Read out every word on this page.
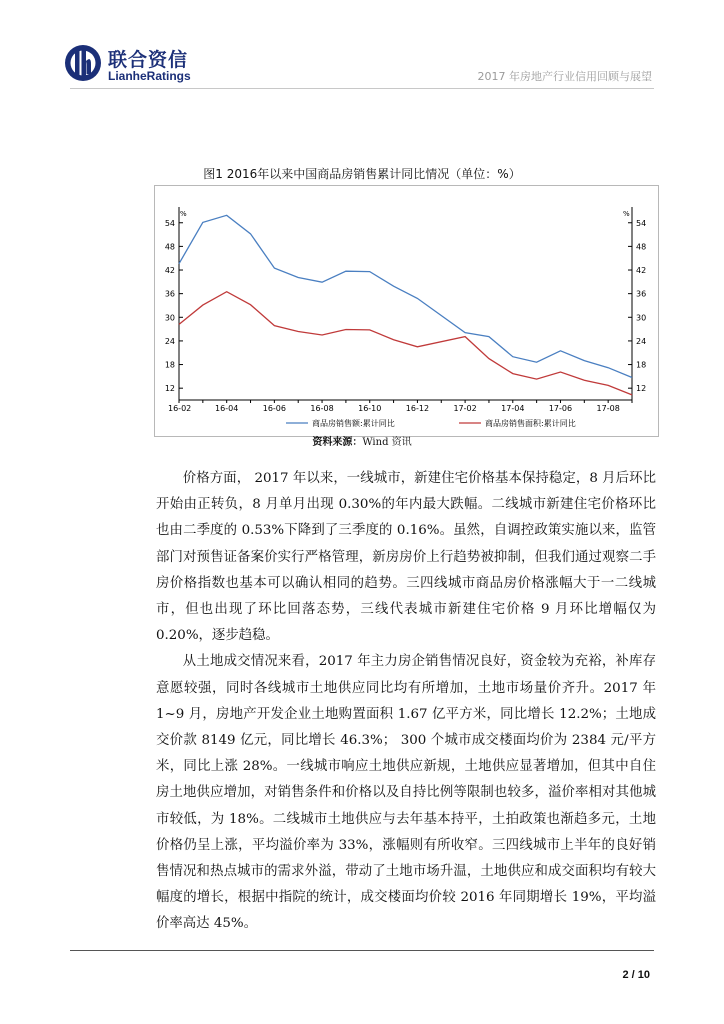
联合资信
LianheRatings	2017 年房地产行业信用回顾与展望
图1 2016年以来中国商品房销售累计同比情况（单位：%）
%	%
12	12
18	18
24	24
30	30
36	36
42	42
48	48
54	54
16-02	16-04	16-06	16-08	16-10	16-12	17-02	17-04	17-06	17-08
商品房销售额:累计同比	商品房销售面积:累计同比
资料来源：Wind 资讯

价格方面， 2017 年以来，一线城市，新建住宅价格基本保持稳定，8 月后环比开始由正转负，8 月单月出现 0.30%的年内最大跌幅。二线城市新建住宅价格环比也由二季度的 0.53%下降到了三季度的 0.16%。虽然，自调控政策实施以来，监管部门对预售证备案价实行严格管理，新房房价上行趋势被抑制，但我们通过观察二手房价格指数也基本可以确认相同的趋势。三四线城市商品房价格涨幅大于一二线城市，但也出现了环比回落态势，三线代表城市新建住宅价格 9 月环比增幅仅为 0.20%，逐步趋稳。

从土地成交情况来看，2017 年主力房企销售情况良好，资金较为充裕，补库存意愿较强，同时各线城市土地供应同比均有所增加，土地市场量价齐升。2017 年 1~9 月，房地产开发企业土地购置面积 1.67 亿平方米，同比增长 12.2%；土地成交价款 8149 亿元，同比增长 46.3%； 300 个城市成交楼面均价为 2384 元/平方米，同比上涨 28%。一线城市响应土地供应新规，土地供应显著增加，但其中自住房土地供应增加，对销售条件和价格以及自持比例等限制也较多，溢价率相对其他城市较低，为 18%。二线城市土地供应与去年基本持平，土拍政策也渐趋多元，土地价格仍呈上涨，平均溢价率为 33%，涨幅则有所收窄。三四线城市上半年的良好销售情况和热点城市的需求外溢，带动了土地市场升温，土地供应和成交面积均有较大幅度的增长，根据中指院的统计，成交楼面均价较 2016 年同期增长 19%，平均溢价率高达 45%。

2 / 10
